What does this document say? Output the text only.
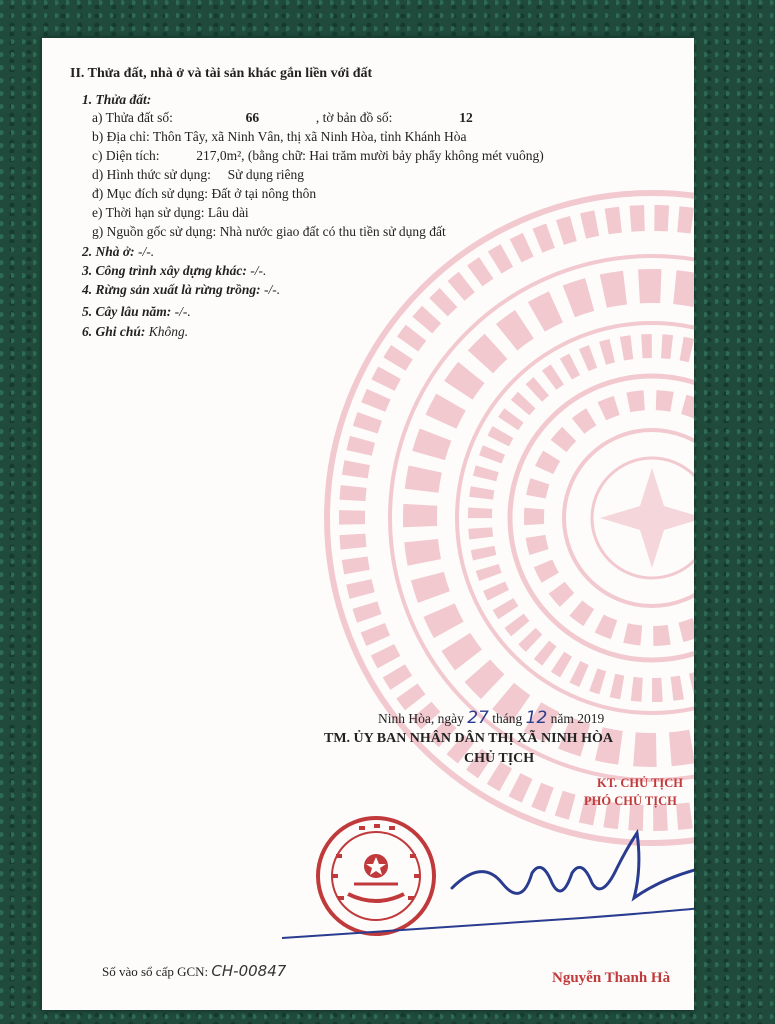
II. Thửa đất, nhà ở và tài sản khác gắn liền với đất
1. Thửa đất:
a) Thửa đất số:	66	, tờ bản đồ số:	12
b) Địa chỉ: Thôn Tây, xã Ninh Vân, thị xã Ninh Hòa, tỉnh Khánh Hòa
c) Diện tích:	217,0m², (bằng chữ: Hai trăm mười bảy phẩy không mét vuông)
d) Hình thức sử dụng: Sử dụng riêng
đ) Mục đích sử dụng: Đất ở tại nông thôn
e) Thời hạn sử dụng: Lâu dài
g) Nguồn gốc sử dụng: Nhà nước giao đất có thu tiền sử dụng đất
2. Nhà ở: -/-.
3. Công trình xây dựng khác: -/-.
4. Rừng sản xuất là rừng trồng: -/-.
5. Cây lâu năm: -/-.
6. Ghi chú: Không.
Ninh Hòa, ngày 27 tháng 12 năm 2019
TM. ỦY BAN NHÂN DÂN THỊ XÃ NINH HÒA
CHỦ TỊCH
KT. CHỦ TỊCH
PHÓ CHỦ TỊCH
Số vào sổ cấp GCN: CH-00847	Nguyễn Thanh Hà
